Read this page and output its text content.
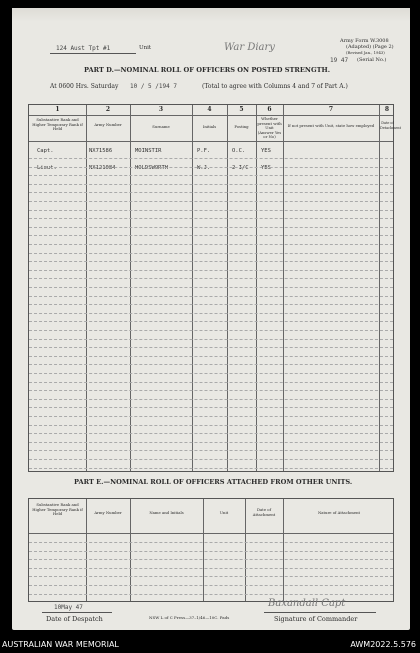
124 Aust Tpt #1	Unit	War Diary
Army Form W.3008
(Adapted) (Page 2)
(Revised Jan., 1943)
19 47 (Serial No.)
PART D.—NOMINAL ROLL OF OFFICERS ON POSTED STRENGTH.
At 0600 Hrs. Saturday 10 / 5 /194 7	(Total to agree with Columns 4 and 7 of Part A.)
1	2	3	4	5	6	7	8
Substantive Rank and Higher Temporary Rank if Held
Army Number	Surname	Initials	Posting
Whether present with Unit (Answer Yes or No)
If not present with Unit, state how employed	Date of Detachment
Capt.	NX71586	MOINSTIR	P.F.	O.C.	YES
Lieut.	NX121084	HOLDSWORTH	W.J.	2 I/C YES
PART E.—NOMINAL ROLL OF OFFICERS ATTACHED FROM OTHER UNITS.
Substantive Rank and Higher Temporary Rank if Held	Army Number	Name and Initials	Unit
Date of Attachment	Nature of Attachment
10May 47
Date of Despatch	NSW L of C Press—37–1/46—10C. Pads
Baxandall Capt
Signature of Commander
AUSTRALIAN WAR MEMORIAL	AWM2022.5.576
